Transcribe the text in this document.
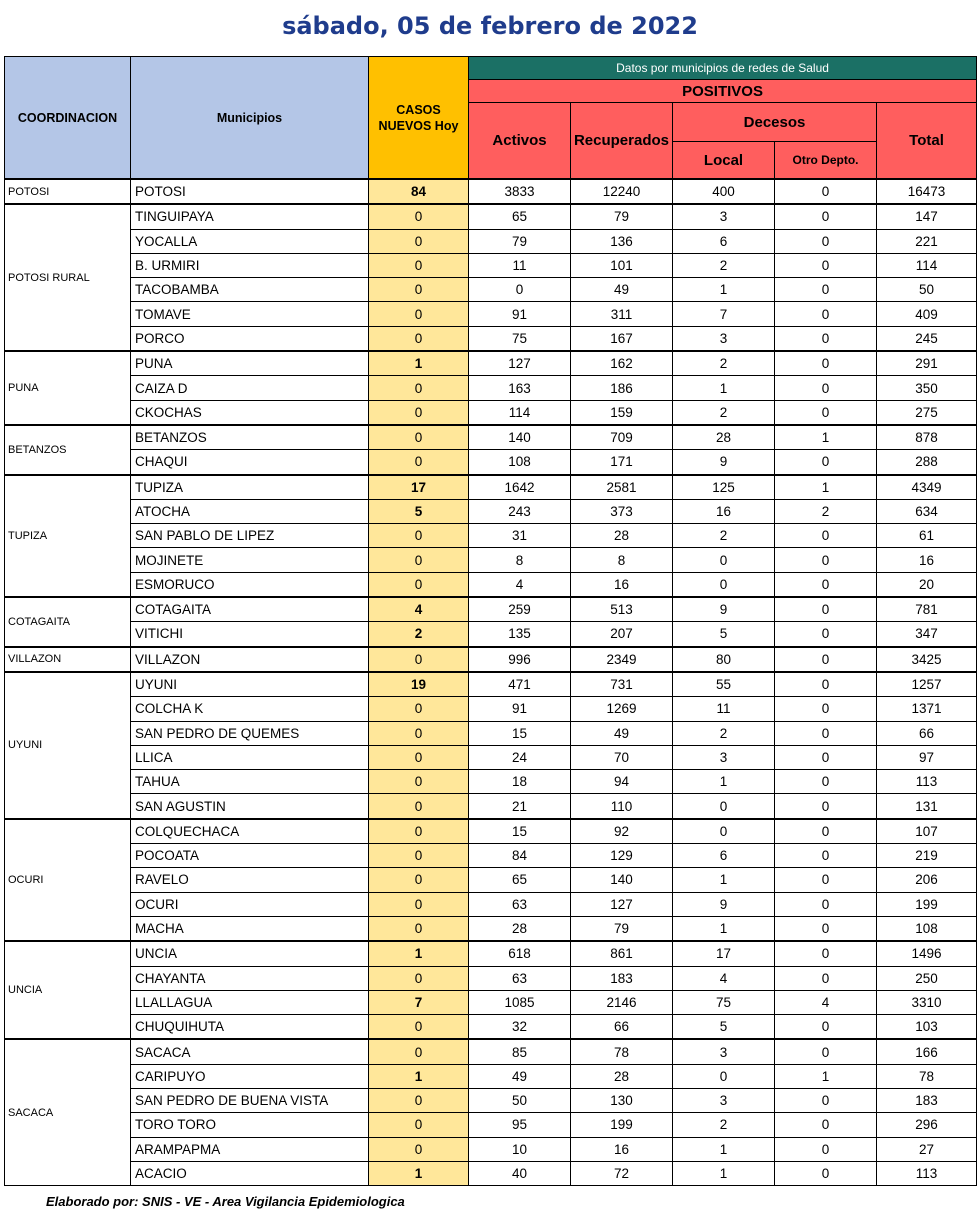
sábado, 05 de febrero de 2022
COORDINACION	Municipios	CASOS NUEVOS Hoy	Datos por municipios de redes de Salud				
			POSITIVOS				
			Activos	Recuperados	Decesos		Total
					Local	Otro Depto.	
POTOSI	POTOSI	84	3833	12240	400	0	16473
POTOSI RURAL	TINGUIPAYA	0	65	79	3	0	147
	YOCALLA	0	79	136	6	0	221
	B. URMIRI	0	11	101	2	0	114
	TACOBAMBA	0	0	49	1	0	50
	TOMAVE	0	91	311	7	0	409
	PORCO	0	75	167	3	0	245
PUNA	PUNA	1	127	162	2	0	291
	CAIZA D	0	163	186	1	0	350
	CKOCHAS	0	114	159	2	0	275
BETANZOS	BETANZOS	0	140	709	28	1	878
	CHAQUI	0	108	171	9	0	288
TUPIZA	TUPIZA	17	1642	2581	125	1	4349
	ATOCHA	5	243	373	16	2	634
	SAN PABLO DE LIPEZ	0	31	28	2	0	61
	MOJINETE	0	8	8	0	0	16
	ESMORUCO	0	4	16	0	0	20
COTAGAITA	COTAGAITA	4	259	513	9	0	781
	VITICHI	2	135	207	5	0	347
VILLAZON	VILLAZON	0	996	2349	80	0	3425
UYUNI	UYUNI	19	471	731	55	0	1257
	COLCHA K	0	91	1269	11	0	1371
	SAN PEDRO DE QUEMES	0	15	49	2	0	66
	LLICA	0	24	70	3	0	97
	TAHUA	0	18	94	1	0	113
	SAN AGUSTIN	0	21	110	0	0	131
OCURI	COLQUECHACA	0	15	92	0	0	107
	POCOATA	0	84	129	6	0	219
	RAVELO	0	65	140	1	0	206
	OCURI	0	63	127	9	0	199
	MACHA	0	28	79	1	0	108
UNCIA	UNCIA	1	618	861	17	0	1496
	CHAYANTA	0	63	183	4	0	250
	LLALLAGUA	7	1085	2146	75	4	3310
	CHUQUIHUTA	0	32	66	5	0	103
SACACA	SACACA	0	85	78	3	0	166
	CARIPUYO	1	49	28	0	1	78
	SAN PEDRO DE BUENA VISTA	0	50	130	3	0	183
	TORO TORO	0	95	199	2	0	296
	ARAMPAPMA	0	10	16	1	0	27
	ACACIO	1	40	72	1	0	113
Elaborado por: SNIS - VE - Area Vigilancia Epidemiologica
